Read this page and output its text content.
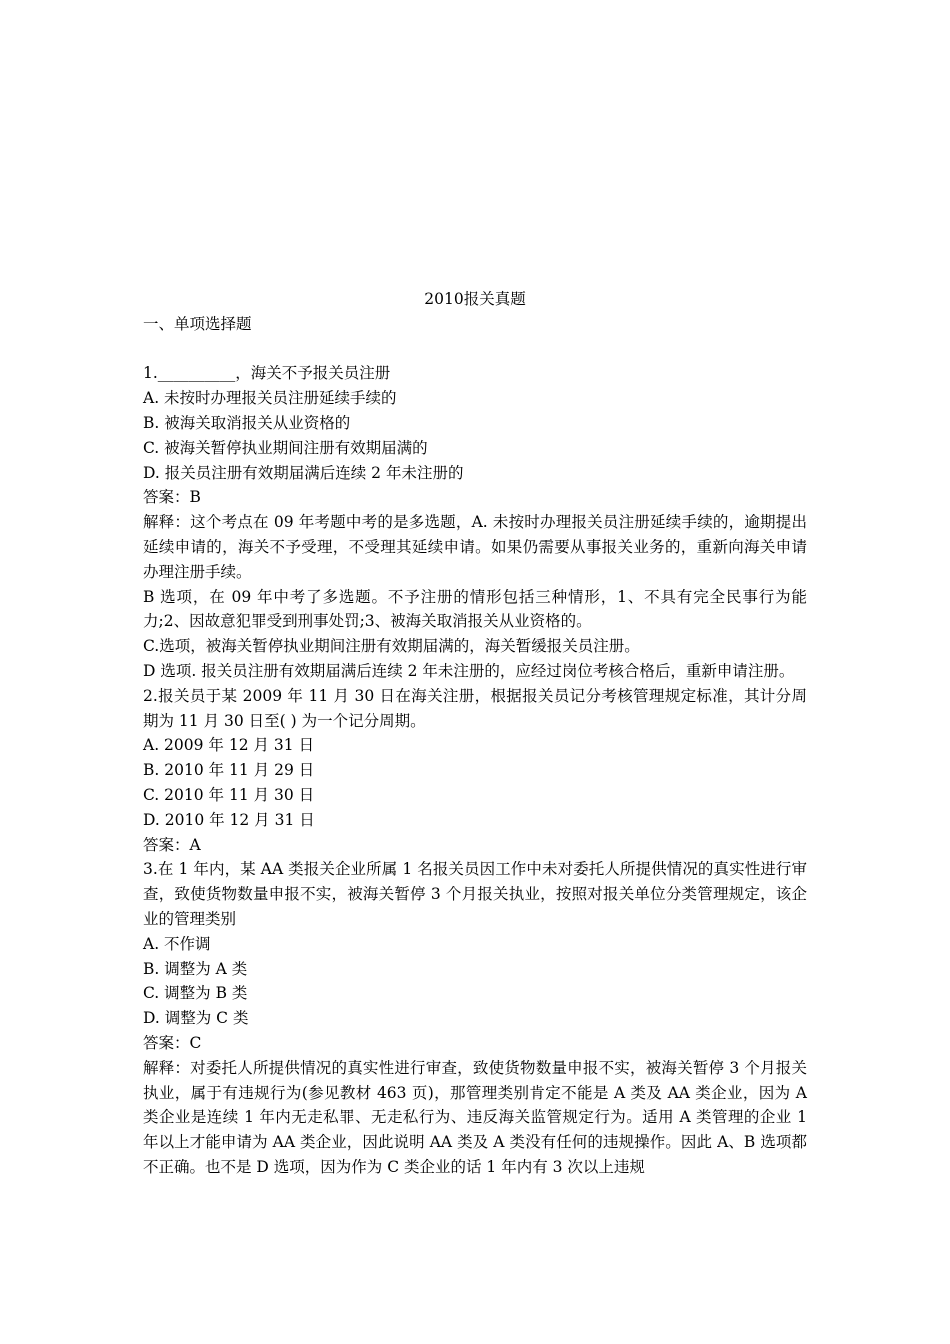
2010报关真题

一、单项选择题

1.__________，海关不予报关员注册

A. 未按时办理报关员注册延续手续的

B. 被海关取消报关从业资格的

C. 被海关暂停执业期间注册有效期届满的

D. 报关员注册有效期届满后连续 2 年未注册的

答案：B

解释：这个考点在 09 年考题中考的是多选题，A. 未按时办理报关员注册延续手续的，逾期提出延续申请的，海关不予受理，不受理其延续申请。如果仍需要从事报关业务的，重新向海关申请办理注册手续。

B 选项，在 09 年中考了多选题。不予注册的情形包括三种情形，1、不具有完全民事行为能力;2、因故意犯罪受到刑事处罚;3、被海关取消报关从业资格的。

C.选项，被海关暂停执业期间注册有效期届满的，海关暂缓报关员注册。

D 选项. 报关员注册有效期届满后连续 2 年未注册的，应经过岗位考核合格后，重新申请注册。

2.报关员于某 2009 年 11 月 30 日在海关注册，根据报关员记分考核管理规定标准，其计分周期为 11 月 30 日至( ) 为一个记分周期。

A. 2009 年 12 月 31 日

B. 2010 年 11 月 29 日

C. 2010 年 11 月 30 日

D. 2010 年 12 月 31 日

答案：A

3.在 1 年内，某 AA 类报关企业所属 1 名报关员因工作中未对委托人所提供情况的真实性进行审查，致使货物数量申报不实，被海关暂停 3 个月报关执业，按照对报关单位分类管理规定，该企业的管理类别

A. 不作调

B. 调整为 A 类

C. 调整为 B 类

D. 调整为 C 类

答案：C

解释：对委托人所提供情况的真实性进行审查，致使货物数量申报不实，被海关暂停 3 个月报关执业，属于有违规行为(参见教材 463 页)，那管理类别肯定不能是 A 类及 AA 类企业，因为 A 类企业是连续 1 年内无走私罪、无走私行为、违反海关监管规定行为。适用 A 类管理的企业 1 年以上才能申请为 AA 类企业，因此说明 AA 类及 A 类没有任何的违规操作。因此 A、B 选项都不正确。也不是 D 选项，因为作为 C 类企业的话 1 年内有 3 次以上违规
